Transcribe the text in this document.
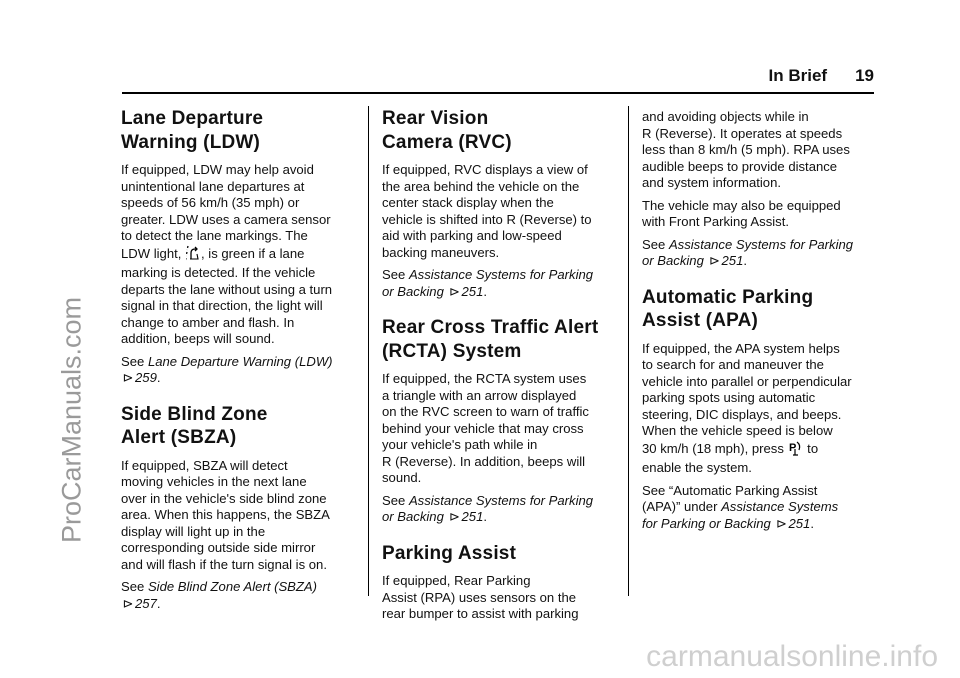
ProCarManuals.com
carmanualsonline.info
In Brief 19
Lane Departure
Warning (LDW)

If equipped, LDW may help avoid
unintentional lane departures at
speeds of 56 km/h (35 mph) or
greater. LDW uses a camera sensor
to detect the lane markings. The
LDW light, , is green if a lane
marking is detected. If the vehicle
departs the lane without using a turn
signal in that direction, the light will
change to amber and flash. In
addition, beeps will sound.

See Lane Departure Warning (LDW)
⊳ 259.

Side Blind Zone
Alert (SBZA)

If equipped, SBZA will detect
moving vehicles in the next lane
over in the vehicle's side blind zone
area. When this happens, the SBZA
display will light up in the
corresponding outside side mirror
and will flash if the turn signal is on.

See Side Blind Zone Alert (SBZA)
⊳ 257.

Rear Vision
Camera (RVC)

If equipped, RVC displays a view of
the area behind the vehicle on the
center stack display when the
vehicle is shifted into R (Reverse) to
aid with parking and low-speed
backing maneuvers.

See Assistance Systems for Parking
or Backing ⊳ 251.

Rear Cross Traffic Alert
(RCTA) System

If equipped, the RCTA system uses
a triangle with an arrow displayed
on the RVC screen to warn of traffic
behind your vehicle that may cross
your vehicle's path while in
R (Reverse). In addition, beeps will
sound.

See Assistance Systems for Parking
or Backing ⊳ 251.

Parking Assist

If equipped, Rear Parking
Assist (RPA) uses sensors on the
rear bumper to assist with parking

and avoiding objects while in
R (Reverse). It operates at speeds
less than 8 km/h (5 mph). RPA uses
audible beeps to provide distance
and system information.

The vehicle may also be equipped
with Front Parking Assist.

See Assistance Systems for Parking
or Backing ⊳ 251.

Automatic Parking
Assist (APA)

If equipped, the APA system helps
to search for and maneuver the
vehicle into parallel or perpendicular
parking spots using automatic
steering, DIC displays, and beeps.
When the vehicle speed is below
30 km/h (18 mph), press P to
enable the system.

See “Automatic Parking Assist
(APA)” under Assistance Systems
for Parking or Backing ⊳ 251.
